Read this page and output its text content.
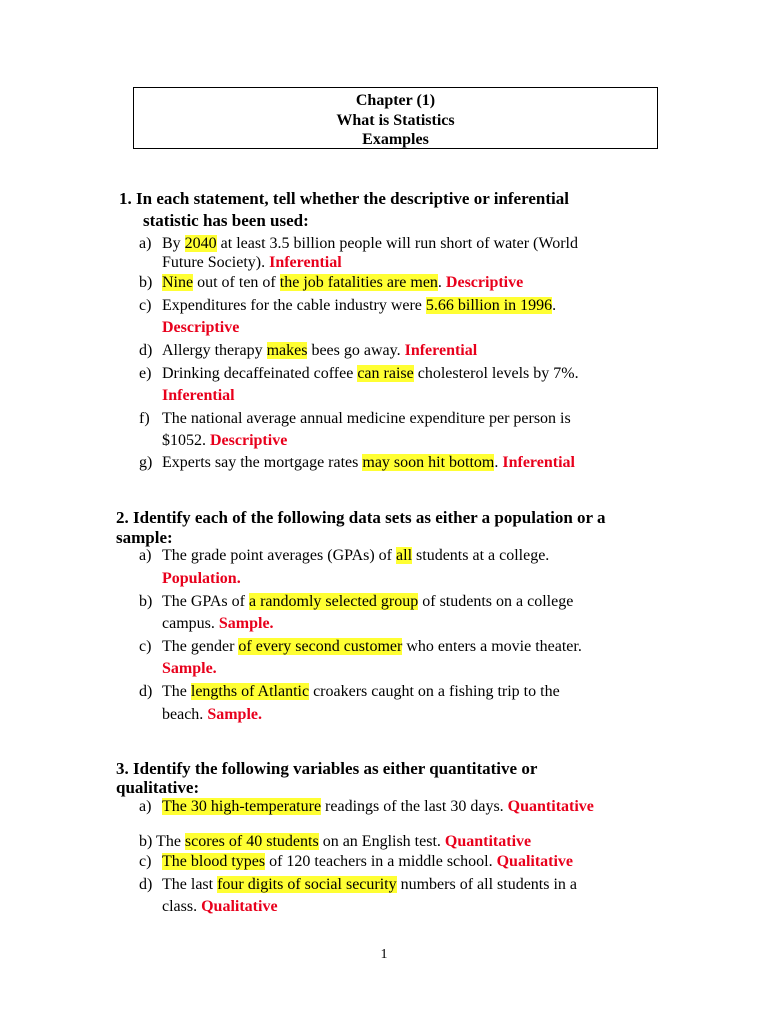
Chapter (1)
What is Statistics
Examples
1. In each statement, tell whether the descriptive or inferential
statistic has been used:
a) By 2040 at least 3.5 billion people will run short of water (World
Future Society). Inferential
b) Nine out of ten of the job fatalities are men. Descriptive
c) Expenditures for the cable industry were 5.66 billion in 1996.
Descriptive
d) Allergy therapy makes bees go away. Inferential
e) Drinking decaffeinated coffee can raise cholesterol levels by 7%.
Inferential
f) The national average annual medicine expenditure per person is
$1052. Descriptive
g) Experts say the mortgage rates may soon hit bottom. Inferential
2. Identify each of the following data sets as either a population or a
sample:
a) The grade point averages (GPAs) of all students at a college.
Population.
b) The GPAs of a randomly selected group of students on a college
campus. Sample.
c) The gender of every second customer who enters a movie theater.
Sample.
d) The lengths of Atlantic croakers caught on a fishing trip to the
beach. Sample.
3. Identify the following variables as either quantitative or
qualitative:
a) The 30 high-temperature readings of the last 30 days. Quantitative
b) The scores of 40 students on an English test. Quantitative
c) The blood types of 120 teachers in a middle school. Qualitative
d) The last four digits of social security numbers of all students in a
class. Qualitative
1
